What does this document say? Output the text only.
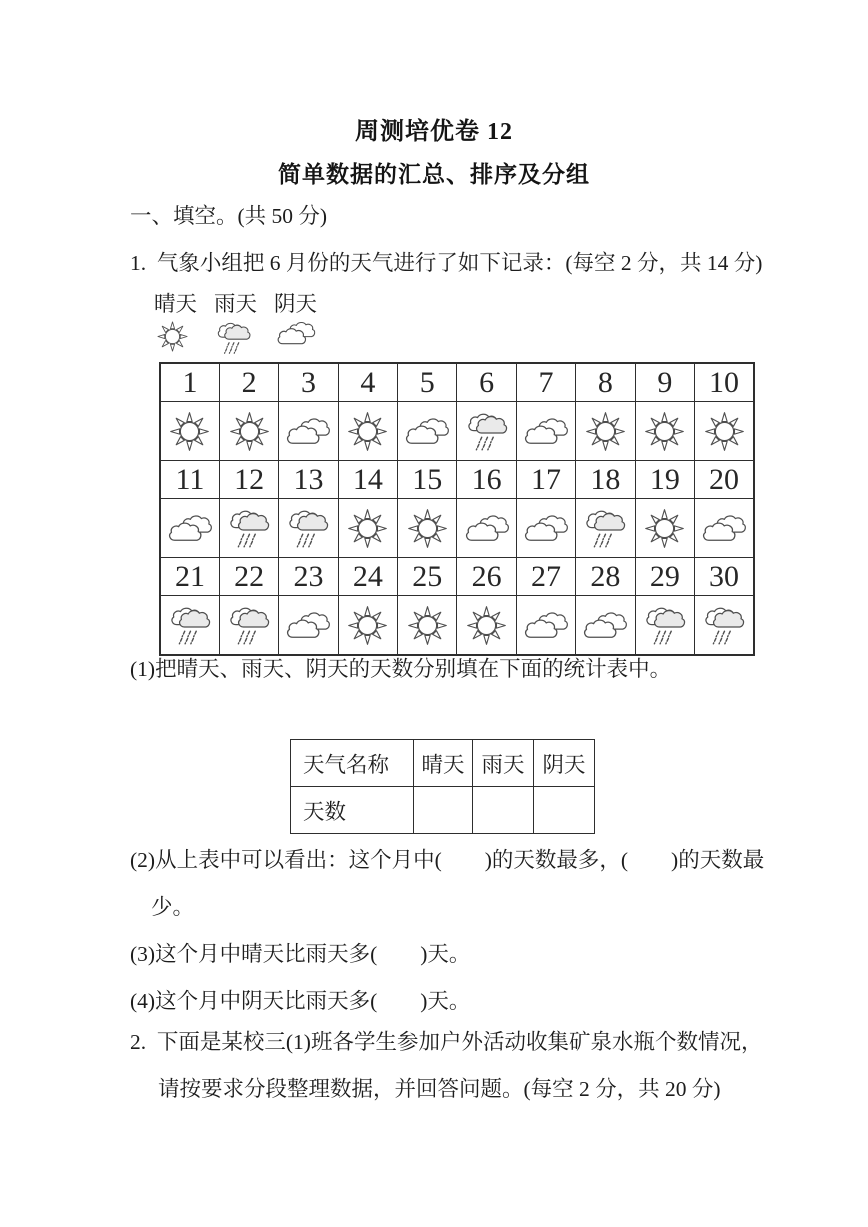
周测培优卷 12
简单数据的汇总、排序及分组
一、填空。(共 50 分)
1.  气象小组把 6 月份的天气进行了如下记录：(每空 2 分，共 14 分)
晴天 雨天 阴天
1	2	3	4	5	6	7	8	9	10

11	12	13	14	15	16	17	18	19	20

21	22	23	24	25	26	27	28	29	30

(1)把晴天、雨天、阴天的天数分别填在下面的统计表中。
天气名称	晴天	雨天	阴天
天数			
(2)从上表中可以看出：这个月中(　　)的天数最多，(　　)的天数最
少。
(3)这个月中晴天比雨天多(　　)天。
(4)这个月中阴天比雨天多(　　)天。
2.  下面是某校三(1)班各学生参加户外活动收集矿泉水瓶个数情况，
请按要求分段整理数据，并回答问题。(每空 2 分，共 20 分)
